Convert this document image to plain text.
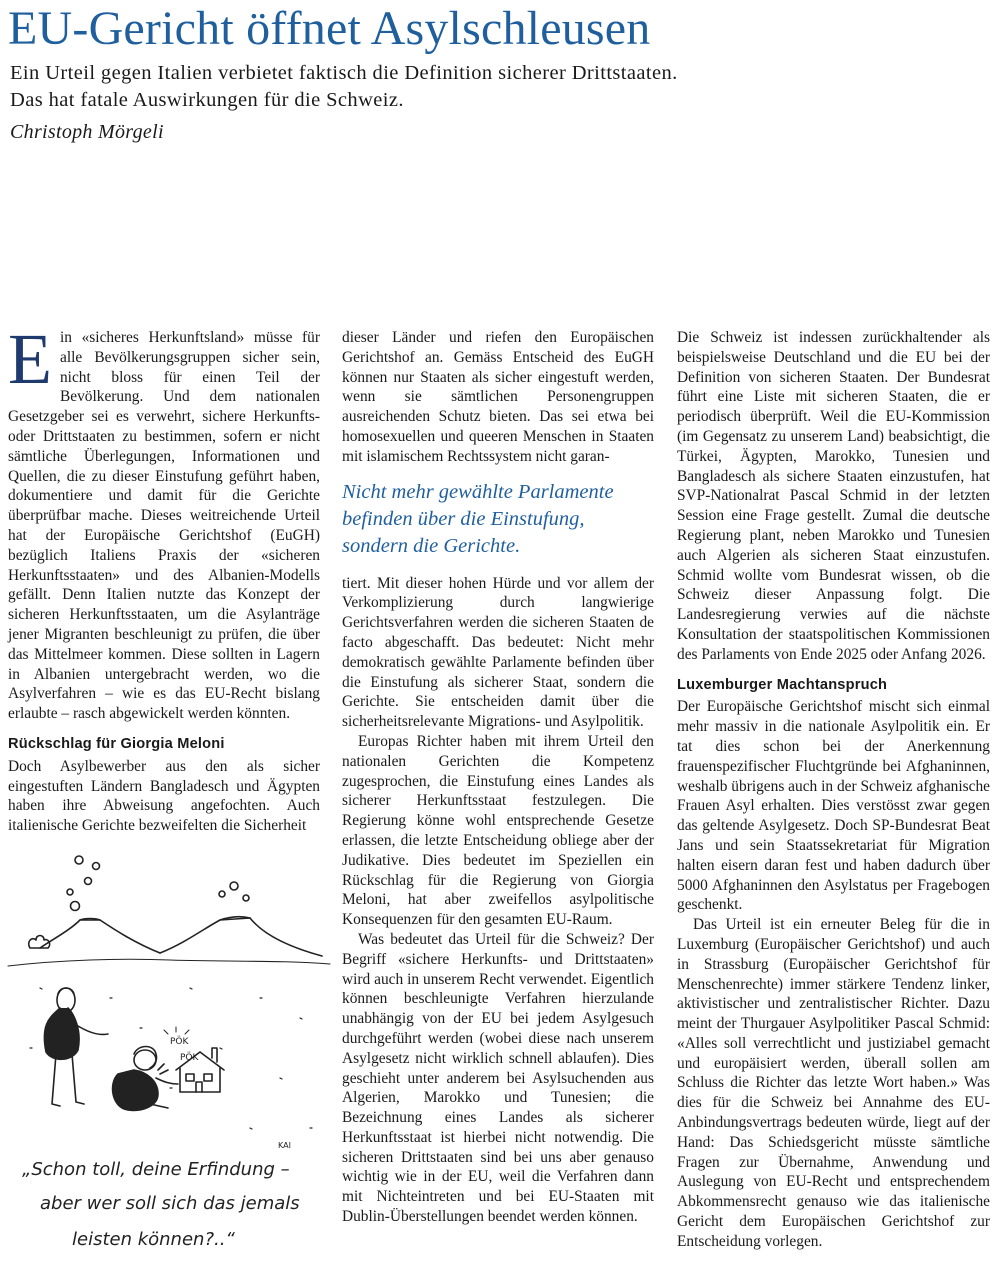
EU-Gericht öffnet Asylschleusen

Ein Urteil gegen Italien verbietet faktisch die Definition sicherer Drittstaaten.

Das hat fatale Auswirkungen für die Schweiz.

Christoph Mörgeli

Ein «sicheres Herkunftsland» müsse für alle Bevölkerungsgruppen sicher sein, nicht bloss für einen Teil der Bevölkerung. Und dem nationalen Gesetzgeber sei es verwehrt, sichere Herkunfts- oder Drittstaaten zu bestimmen, sofern er nicht sämtliche Überlegungen, Informationen und Quellen, die zu dieser Einstufung geführt haben, dokumentiere und damit für die Gerichte überprüfbar mache. Dieses weitreichende Urteil hat der Europäische Gerichtshof (EuGH) bezüglich Italiens Praxis der «sicheren Herkunftsstaaten» und des Albanien-Modells gefällt. Denn Italien nutzte das Konzept der sicheren Herkunftsstaaten, um die Asylanträge jener Migranten beschleunigt zu prüfen, die über das Mittelmeer kommen. Diese sollten in Lagern in Albanien untergebracht werden, wo die Asylverfahren – wie es das EU-Recht bislang erlaubte – rasch abgewickelt werden könnten.

Rückschlag für Giorgia Meloni

Doch Asylbewerber aus den als sicher eingestuften Ländern Bangladesch und Ägypten haben ihre Abweisung angefochten. Auch italienische Gerichte bezweifelten die Sicherheit

PÖK
PÖK
KAI
„Schon toll, deine Erfindung –
aber wer soll sich das jemals
leisten können?..“

dieser Länder und riefen den Europäischen Gerichtshof an. Gemäss Entscheid des EuGH können nur Staaten als sicher eingestuft werden, wenn sie sämtlichen Personengruppen ausreichenden Schutz bieten. Das sei etwa bei homosexuellen und queeren Menschen in Staaten mit islamischem Rechtssystem nicht garan-

Nicht mehr gewählte Parlamente befinden über die Einstufung, sondern die Gerichte.

tiert. Mit dieser hohen Hürde und vor allem der Verkomplizierung durch langwierige Gerichtsverfahren werden die sicheren Staaten de facto abgeschafft. Das bedeutet: Nicht mehr demokratisch gewählte Parlamente befinden über die Einstufung als sicherer Staat, sondern die Gerichte. Sie entscheiden damit über die sicherheitsrelevante Migrations- und Asylpolitik.

Europas Richter haben mit ihrem Urteil den nationalen Gerichten die Kompetenz zugesprochen, die Einstufung eines Landes als sicherer Herkunftsstaat festzulegen. Die Regierung könne wohl entsprechende Gesetze erlassen, die letzte Entscheidung obliege aber der Judikative. Dies bedeutet im Speziellen ein Rückschlag für die Regierung von Giorgia Meloni, hat aber zweifellos asylpolitische Konsequenzen für den gesamten EU-Raum.

Was bedeutet das Urteil für die Schweiz? Der Begriff «sichere Herkunfts- und Drittstaaten» wird auch in unserem Recht verwendet. Eigentlich können beschleunigte Verfahren hierzulande unabhängig von der EU bei jedem Asylgesuch durchgeführt werden (wobei diese nach unserem Asylgesetz nicht wirklich schnell ablaufen). Dies geschieht unter anderem bei Asylsuchenden aus Algerien, Marokko und Tunesien; die Bezeichnung eines Landes als sicherer Herkunftsstaat ist hierbei nicht notwendig. Die sicheren Drittstaaten sind bei uns aber genauso wichtig wie in der EU, weil die Verfahren dann mit Nichteintreten und bei EU-Staaten mit Dublin-Überstellungen beendet werden können.

Die Schweiz ist indessen zurückhaltender als beispielsweise Deutschland und die EU bei der Definition von sicheren Staaten. Der Bundesrat führt eine Liste mit sicheren Staaten, die er periodisch überprüft. Weil die EU-Kommission (im Gegensatz zu unserem Land) beabsichtigt, die Türkei, Ägypten, Marokko, Tunesien und Bangladesch als sichere Staaten einzustufen, hat SVP-Nationalrat Pascal Schmid in der letzten Session eine Frage gestellt. Zumal die deutsche Regierung plant, neben Marokko und Tunesien auch Algerien als sicheren Staat einzustufen. Schmid wollte vom Bundesrat wissen, ob die Schweiz dieser Anpassung folgt. Die Landesregierung verwies auf die nächste Konsultation der staatspolitischen Kommissionen des Parlaments von Ende 2025 oder Anfang 2026.

Luxemburger Machtanspruch

Der Europäische Gerichtshof mischt sich einmal mehr massiv in die nationale Asylpolitik ein. Er tat dies schon bei der Anerkennung frauenspezifischer Fluchtgründe bei Afghaninnen, weshalb übrigens auch in der Schweiz afghanische Frauen Asyl erhalten. Dies verstösst zwar gegen das geltende Asylgesetz. Doch SP-Bundesrat Beat Jans und sein Staatssekretariat für Migration halten eisern daran fest und haben dadurch über 5000 Afghaninnen den Asylstatus per Fragebogen geschenkt.

Das Urteil ist ein erneuter Beleg für die in Luxemburg (Europäischer Gerichtshof) und auch in Strassburg (Europäischer Gerichtshof für Menschenrechte) immer stärkere Tendenz linker, aktivistischer und zentralistischer Richter. Dazu meint der Thurgauer Asylpolitiker Pascal Schmid: «Alles soll verrechtlicht und justiziabel gemacht und europäisiert werden, überall sollen am Schluss die Richter das letzte Wort haben.» Was dies für die Schweiz bei Annahme des EU-Anbindungsvertrags bedeuten würde, liegt auf der Hand: Das Schiedsgericht müsste sämtliche Fragen zur Übernahme, Anwendung und Auslegung von EU-Recht und entsprechendem Abkommensrecht genauso wie das italienische Gericht dem Europäischen Gerichtshof zur Entscheidung vorlegen.
